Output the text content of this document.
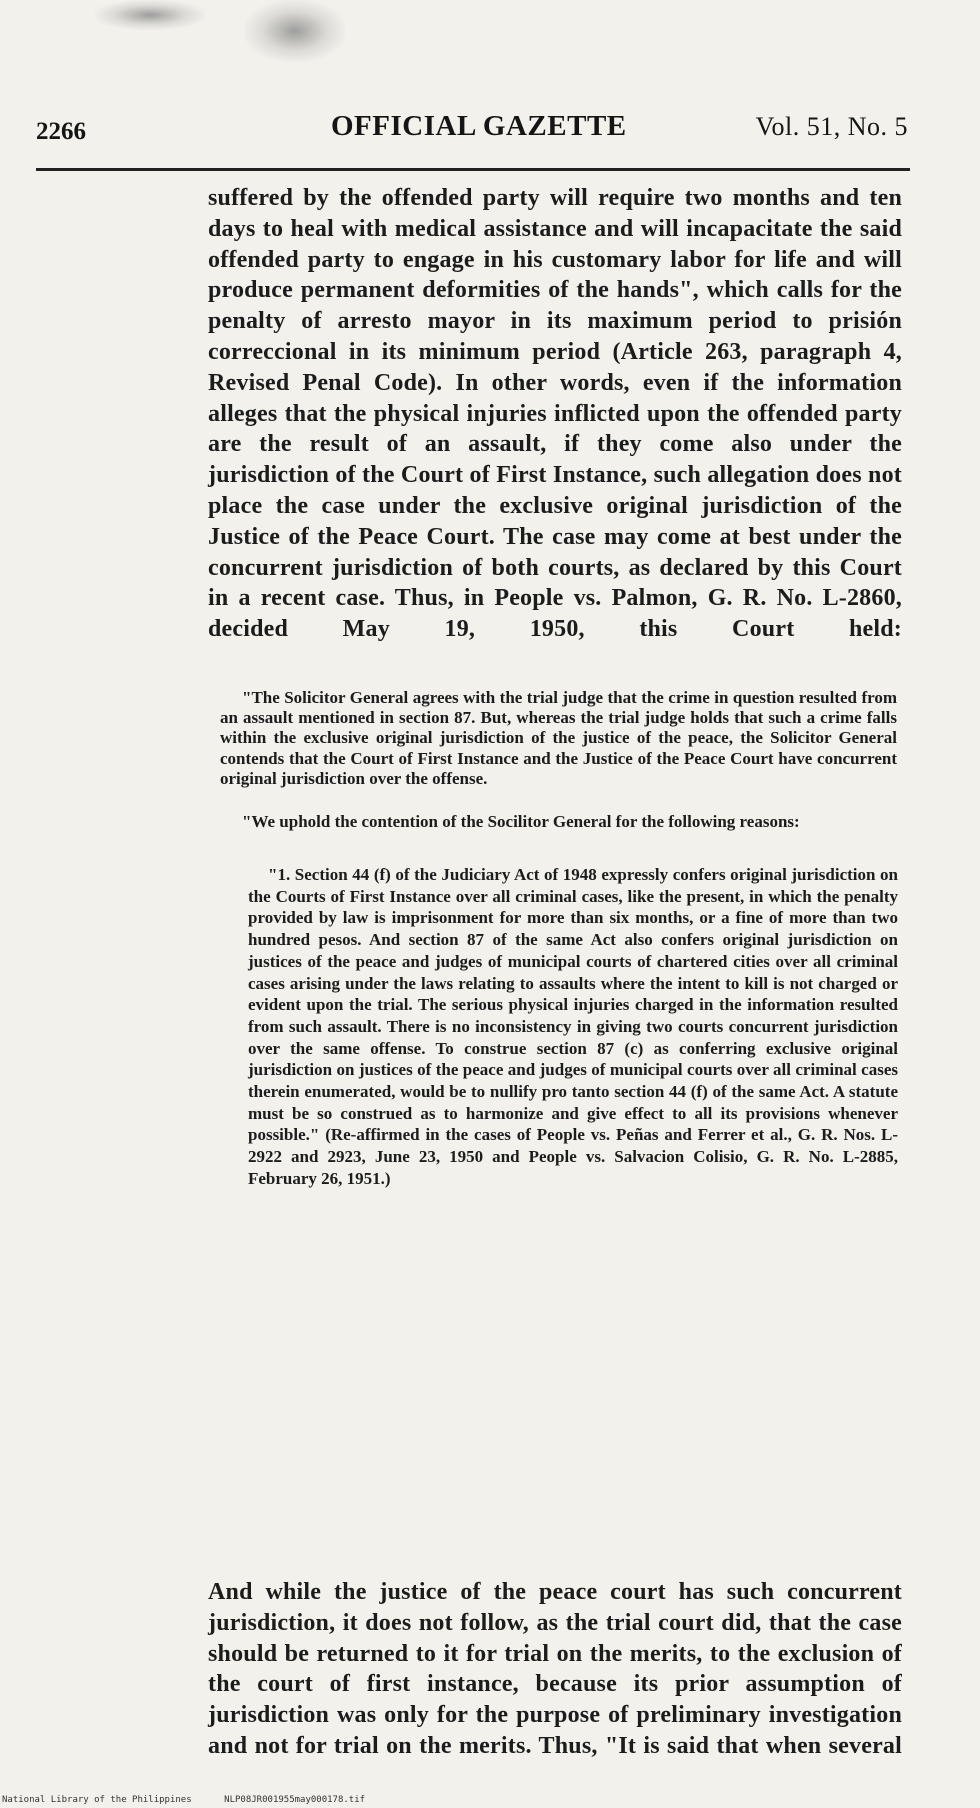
2266	OFFICIAL GAZETTE	Vol. 51, No. 5

suffered by the offended party will require two months and ten days to heal with medical assistance and will incapacitate the said offended party to engage in his customary labor for life and will produce permanent deformities of the hands", which calls for the penalty of arresto mayor in its maximum period to prisión correccional in its minimum period (Article 263, paragraph 4, Revised Penal Code). In other words, even if the information alleges that the physical injuries inflicted upon the offended party are the result of an assault, if they come also under the jurisdiction of the Court of First Instance, such allegation does not place the case under the exclusive original jurisdiction of the Justice of the Peace Court. The case may come at best under the concurrent jurisdiction of both courts, as declared by this Court in a recent case. Thus, in People vs. Palmon, G. R. No. L-2860, decided May 19, 1950, this Court held:

"The Solicitor General agrees with the trial judge that the crime in question resulted from an assault mentioned in section 87. But, whereas the trial judge holds that such a crime falls within the exclusive original jurisdiction of the justice of the peace, the Solicitor General contends that the Court of First Instance and the Justice of the Peace Court have concurrent original jurisdiction over the offense.

"We uphold the contention of the Socilitor General for the following reasons:

"1. Section 44 (f) of the Judiciary Act of 1948 expressly confers original jurisdiction on the Courts of First Instance over all criminal cases, like the present, in which the penalty provided by law is imprisonment for more than six months, or a fine of more than two hundred pesos. And section 87 of the same Act also confers original jurisdiction on justices of the peace and judges of municipal courts of chartered cities over all criminal cases arising under the laws relating to assaults where the intent to kill is not charged or evident upon the trial. The serious physical injuries charged in the information resulted from such assault. There is no inconsistency in giving two courts concurrent jurisdiction over the same offense. To construe section 87 (c) as conferring exclusive original jurisdiction on justices of the peace and judges of municipal courts over all criminal cases therein enumerated, would be to nullify pro tanto section 44 (f) of the same Act. A statute must be so construed as to harmonize and give effect to all its provisions whenever possible." (Re-affirmed in the cases of People vs. Peñas and Ferrer et al., G. R. Nos. L-2922 and 2923, June 23, 1950 and People vs. Salvacion Colisio, G. R. No. L-2885, February 26, 1951.)

And while the justice of the peace court has such concurrent jurisdiction, it does not follow, as the trial court did, that the case should be returned to it for trial on the merits, to the exclusion of the court of first instance, because its prior assumption of jurisdiction was only for the purpose of preliminary investigation and not for trial on the merits. Thus, "It is said that when several

National Library of the Philippines	NLP08JR001955may000178.tif
